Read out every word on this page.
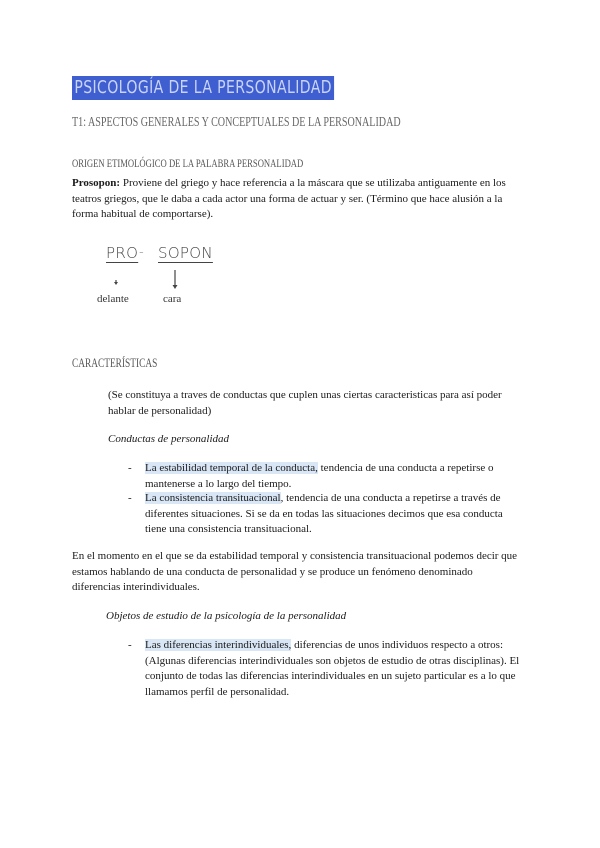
PSICOLOGÍA DE LA PERSONALIDAD
T1: ASPECTOS GENERALES Y CONCEPTUALES DE LA PERSONALIDAD
ORIGEN ETIMOLÓGICO DE LA PALABRA PERSONALIDAD
Prosopon: Proviene del griego y hace referencia a la máscara que se utilizaba antiguamente en los
teatros griegos, que le daba a cada actor una forma de actuar y ser. (Término que hace alusión a la
forma habitual de comportarse).
PRO - SOPON
delante	cara
CARACTERÍSTICAS
(Se constituya a traves de conductas que cuplen unas ciertas caracteristicas para así poder
hablar de personalidad)
Conductas de personalidad
- La estabilidad temporal de la conducta, tendencia de una conducta a repetirse o
mantenerse a lo largo del tiempo.
- La consistencia transituacional, tendencia de una conducta a repetirse a través de
diferentes situaciones. Si se da en todas las situaciones decimos que esa conducta
tiene una consistencia transituacional.
En el momento en el que se da estabilidad temporal y consistencia transituacional podemos decir que
estamos hablando de una conducta de personalidad y se produce un fenómeno denominado
diferencias interindividuales.
Objetos de estudio de la psicología de la personalidad
- Las diferencias interindividuales, diferencias de unos individuos respecto a otros:
(Algunas diferencias interindividuales son objetos de estudio de otras disciplinas). El
conjunto de todas las diferencias interindividuales en un sujeto particular es a lo que
llamamos perfil de personalidad.
